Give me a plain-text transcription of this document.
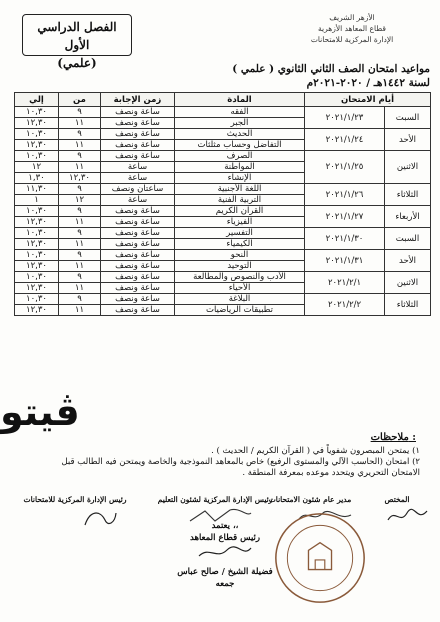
الفصل الدراسي الأول
(علمي)
الأزهر الشريف
قطاع المعاهد الأزهرية
الإدارة المركزية للامتحانات
مواعيد امتحان الصف الثاني الثانوي ( علمي )
لسنة ١٤٤٢هـ / ٢٠٢٠-٢٠٢١م
أيام الامتحان		المادة	زمن الإجابة	من	إلي
السبت	٢٠٢١/١/٢٣	الفقه	ساعة ونصف	٩	١٠,٣٠
		الجبر	ساعة ونصف	١١	١٢,٣٠
الأحد	٢٠٢١/١/٢٤	الحديث	ساعة ونصف	٩	١٠,٣٠
		التفاضل وحساب مثلثات	ساعة ونصف	١١	١٢,٣٠
الاثنين	٢٠٢١/١/٢٥	الصرف	ساعة ونصف	٩	١٠,٣٠
		المواطنة	ساعة	١١	١٢
		الإنشاء	ساعة	١٢,٣٠	١,٣٠
الثلاثاء	٢٠٢١/١/٢٦	اللغة الأجنبية	ساعتان ونصف	٩	١١,٣٠
		التربية الفنية	ساعة	١٢	١
الأربعاء	٢٠٢١/١/٢٧	القرآن الكريم	ساعة ونصف	٩	١٠,٣٠
		الفيزياء	ساعة ونصف	١١	١٢,٣٠
السبت	٢٠٢١/١/٣٠	التفسير	ساعة ونصف	٩	١٠,٣٠
		الكيمياء	ساعة ونصف	١١	١٢,٣٠
الأحد	٢٠٢١/١/٣١	النحو	ساعة ونصف	٩	١٠,٣٠
		التوحيد	ساعة ونصف	١١	١٢,٣٠
الاثنين	٢٠٢١/٢/١	الأدب والنصوص والمطالعة	ساعة ونصف	٩	١٠,٣٠
		الأحياء	ساعة ونصف	١١	١٢,٣٠
الثلاثاء	٢٠٢١/٢/٢	البلاغة	ساعة ونصف	٩	١٠,٣٠
		تطبيقات الرياضيات	ساعة ونصف	١١	١٢,٣٠
ڤيتو
ملاحظات :

١) يمتحن المبصرون شفوياً في ( القرآن الكريم / الحديث ) .

٢) امتحان (الحاسب الآلي والمستوى الرفيع) خاص بالمعاهد النموذجية والخاصة ويمتحن فيه الطالب قبل

الامتحان التحريري ويتحدد موعده بمعرفة المنطقة .

المختص
مدير عام شئون الامتحانات
رئيس الإدارة المركزية لشئون التعليم
رئيس الإدارة المركزية للامتحانات
يعتمد ،،
رئيس قطاع المعاهد
فضيلة الشيخ / صالح عباس جمعه
